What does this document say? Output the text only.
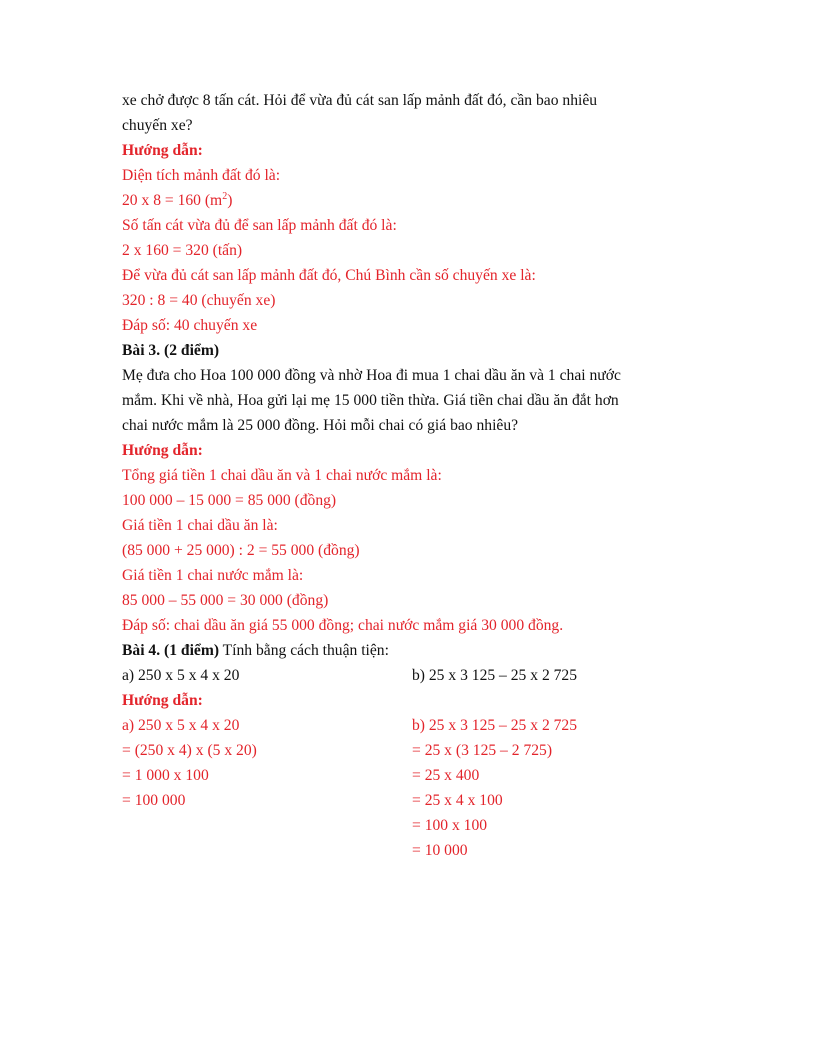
xe chở được 8 tấn cát. Hỏi để vừa đủ cát san lấp mảnh đất đó, cần bao nhiêu
chuyến xe?
Hướng dẫn:
Diện tích mảnh đất đó là:
20 x 8 = 160 $(m^2)$
Số tấn cát vừa đủ để san lấp mảnh đất đó là:
2 x 160 = 320 (tấn)
Để vừa đủ cát san lấp mảnh đất đó, Chú Bình cần số chuyến xe là:
320 : 8 = 40 (chuyến xe)
Đáp số: 40 chuyến xe
Bài 3. (2 điểm)
Mẹ đưa cho Hoa 100 000 đồng và nhờ Hoa đi mua 1 chai dầu ăn và 1 chai nước
mắm. Khi về nhà, Hoa gửi lại mẹ 15 000 tiền thừa. Giá tiền chai dầu ăn đắt hơn
chai nước mắm là 25 000 đồng. Hỏi mỗi chai có giá bao nhiêu?
Hướng dẫn:
Tổng giá tiền 1 chai dầu ăn và 1 chai nước mắm là:
100 000 – 15 000 = 85 000 (đồng)
Giá tiền 1 chai dầu ăn là:
(85 000 + 25 000) : 2 = 55 000 (đồng)
Giá tiền 1 chai nước mắm là:
85 000 – 55 000 = 30 000 (đồng)
Đáp số: chai dầu ăn giá 55 000 đồng; chai nước mắm giá 30 000 đồng.
Bài 4. (1 điểm) Tính bằng cách thuận tiện:
a) 250 x 5 x 4 x 20	b) 25 x 3 125 – 25 x 2 725
Hướng dẫn:
a) 250 x 5 x 4 x 20
= (250 x 4) x (5 x 20)
= 1 000 x 100
= 100 000
b) 25 x 3 125 – 25 x 2 725
= 25 x (3 125 – 2 725)
= 25 x 400
= 25 x 4 x 100
= 100 x 100
= 10 000
